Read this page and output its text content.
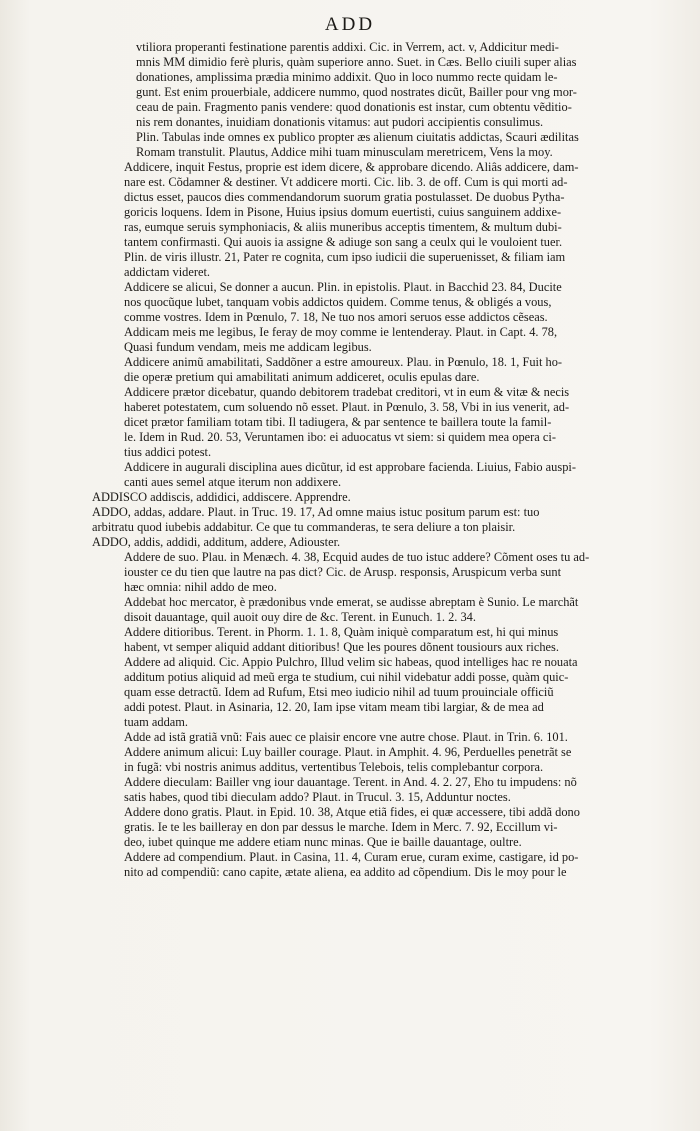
ADD
vtiliora properanti festinatione parentis addixi. Cic. in Verrem, act. v, Addicitur medi-
mnis MM dimidio ferè pluris, quàm superiore anno. Suet. in Cæs. Bello ciuili super alias
donationes, amplissima prædia minimo addixit. Quo in loco nummo recte quidam le-
gunt. Est enim prouerbiale, addicere nummo, quod nostrates dicũt, Bailler pour vng mor-
ceau de pain. Fragmento panis vendere: quod donationis est instar, cum obtentu vẽditio-
nis rem donantes, inuidiam donationis vitamus: aut pudori accipientis consulimus.
Plin. Tabulas inde omnes ex publico propter æs alienum ciuitatis addictas, Scauri ædilitas
Romam transtulit. Plautus, Addice mihi tuam minusculam meretricem, Vens la moy.
Addicere, inquit Festus, proprie est idem dicere, & approbare dicendo. Aliâs addicere, dam-
nare est. Cõdamner & destiner. Vt addicere morti. Cic. lib. 3. de off. Cum is qui morti ad-
dictus esset, paucos dies commendandorum suorum gratia postulasset. De duobus Pytha-
goricis loquens. Idem in Pisone, Huius ipsius domum euertisti, cuius sanguinem addixe-
ras, eumque seruis symphoniacis, & aliis muneribus acceptis timentem, & multum dubi-
tantem confirmasti. Qui auois ia assigne & adiuge son sang a ceulx qui le vouloient tuer.
Plin. de viris illustr. 21, Pater re cognita, cum ipso iudicii die superuenisset, & filiam iam
addictam videret.
Addicere se alicui, Se donner a aucun. Plin. in epistolis. Plaut. in Bacchid 23. 84, Ducite
nos quocũque lubet, tanquam vobis addictos quidem. Comme tenus, & obligés a vous,
comme vostres. Idem in Pœnulo, 7. 18, Ne tuo nos amori seruos esse addictos cẽseas.
Addicam meis me legibus, Ie feray de moy comme ie lentenderay. Plaut. in Capt. 4. 78,
Quasi fundum vendam, meis me addicam legibus.
Addicere animũ amabilitati, Saddõner a estre amoureux. Plau. in Pœnulo, 18. 1, Fuit ho-
die operæ pretium qui amabilitati animum addiceret, oculis epulas dare.
Addicere prætor dicebatur, quando debitorem tradebat creditori, vt in eum & vitæ & necis
haberet potestatem, cum soluendo nõ esset. Plaut. in Pœnulo, 3. 58, Vbi in ius venerit, ad-
dicet prætor familiam totam tibi. Il tadiugera, & par sentence te baillera toute la famil-
le. Idem in Rud. 20. 53, Veruntamen ibo: ei aduocatus vt siem: si quidem mea opera ci-
tius addici potest.
Addicere in augurali disciplina aues dicũtur, id est approbare facienda. Liuius, Fabio auspi-
canti aues semel atque iterum non addixere.
ADDISCO addiscis, addidici, addiscere. Apprendre.
ADDO, addas, addare. Plaut. in Truc. 19. 17, Ad omne maius istuc positum parum est: tuo
arbitratu quod iubebis addabitur. Ce que tu commanderas, te sera deliure a ton plaisir.
ADDO, addis, addidi, additum, addere, Adiouster.
Addere de suo. Plau. in Menæch. 4. 38, Ecquid audes de tuo istuc addere? Cõment oses tu ad-
iouster ce du tien que lautre na pas dict? Cic. de Arusp. responsis, Aruspicum verba sunt
hæc omnia: nihil addo de meo.
Addebat hoc mercator, è prædonibus vnde emerat, se audisse abreptam è Sunio. Le marchãt
disoit dauantage, quil auoit ouy dire de &c. Terent. in Eunuch. 1. 2. 34.
Addere ditioribus. Terent. in Phorm. 1. 1. 8, Quàm iniquè comparatum est, hi qui minus
habent, vt semper aliquid addant ditioribus! Que les poures dõnent tousiours aux riches.
Addere ad aliquid. Cic. Appio Pulchro, Illud velim sic habeas, quod intelliges hac re nouata
additum potius aliquid ad meũ erga te studium, cui nihil videbatur addi posse, quàm quic-
quam esse detractũ. Idem ad Rufum, Etsi meo iudicio nihil ad tuum prouinciale officiũ
addi potest. Plaut. in Asinaria, 12. 20, Iam ipse vitam meam tibi largiar, & de mea ad
tuam addam.
Adde ad istã gratiã vnũ: Fais auec ce plaisir encore vne autre chose. Plaut. in Trin. 6. 101.
Addere animum alicui: Luy bailler courage. Plaut. in Amphit. 4. 96, Perduelles penetrãt se
in fugã: vbi nostris animus additus, vertentibus Telebois, telis complebantur corpora.
Addere dieculam: Bailler vng iour dauantage. Terent. in And. 4. 2. 27, Eho tu impudens: nõ
satis habes, quod tibi dieculam addo? Plaut. in Trucul. 3. 15, Adduntur noctes.
Addere dono gratis. Plaut. in Epid. 10. 38, Atque etiã fides, ei quæ accessere, tibi addã dono
gratis. Ie te les bailleray en don par dessus le marche. Idem in Merc. 7. 92, Eccillum vi-
deo, iubet quinque me addere etiam nunc minas. Que ie baille dauantage, oultre.
Addere ad compendium. Plaut. in Casina, 11. 4, Curam erue, curam exime, castigare, id po-
nito ad compendiũ: cano capite, ætate aliena, ea addito ad cõpendium. Dis le moy pour le
